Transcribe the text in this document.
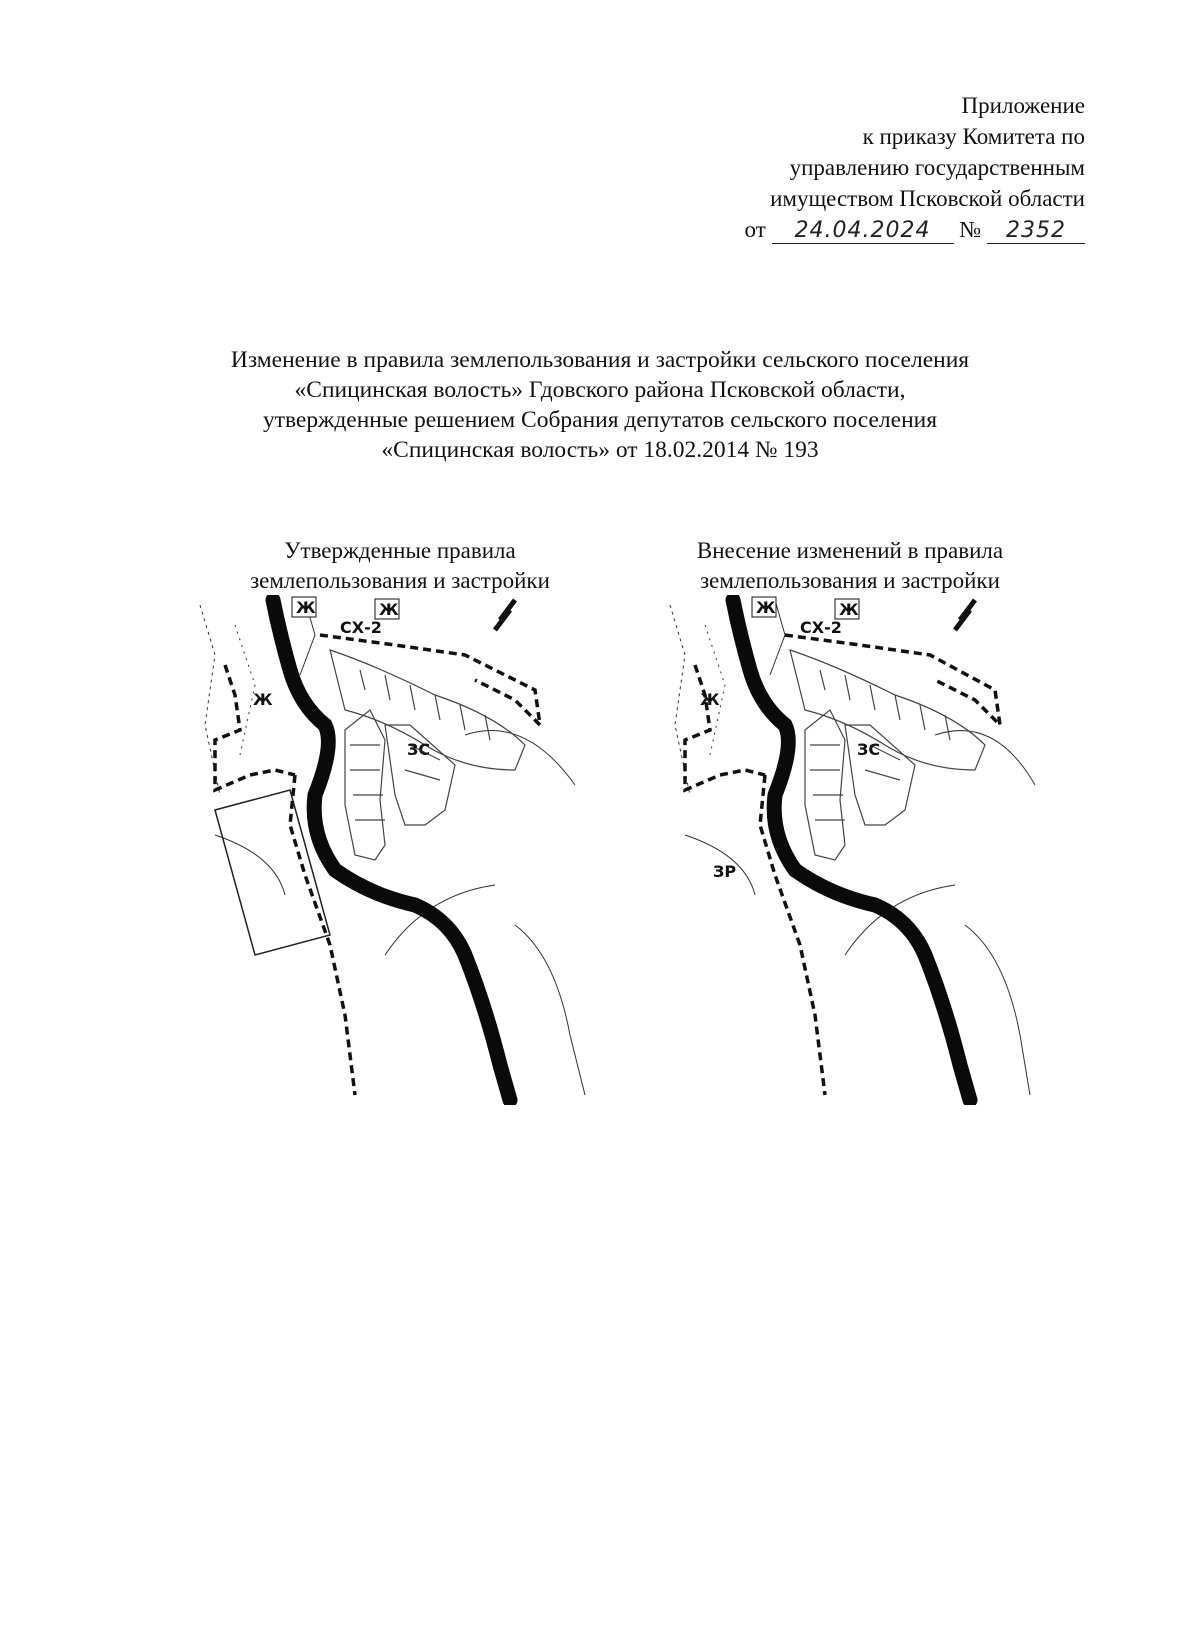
Приложение
к приказу Комитета по
управлению государственным
имуществом Псковской области
от 24.04.2024 № 2352
Изменение в правила землепользования и застройки сельского поселения
«Спицинская волость» Гдовского района Псковской области,
утвержденные решением Собрания депутатов сельского поселения
«Спицинская волость» от 18.02.2014 № 193
Утвержденные правила
землепользования и застройки
Внесение изменений в правила
землепользования и застройки
Ж	Ж
СХ-2
Ж
ЗС
Ж	Ж
СХ-2
Ж
ЗС
ЗР
